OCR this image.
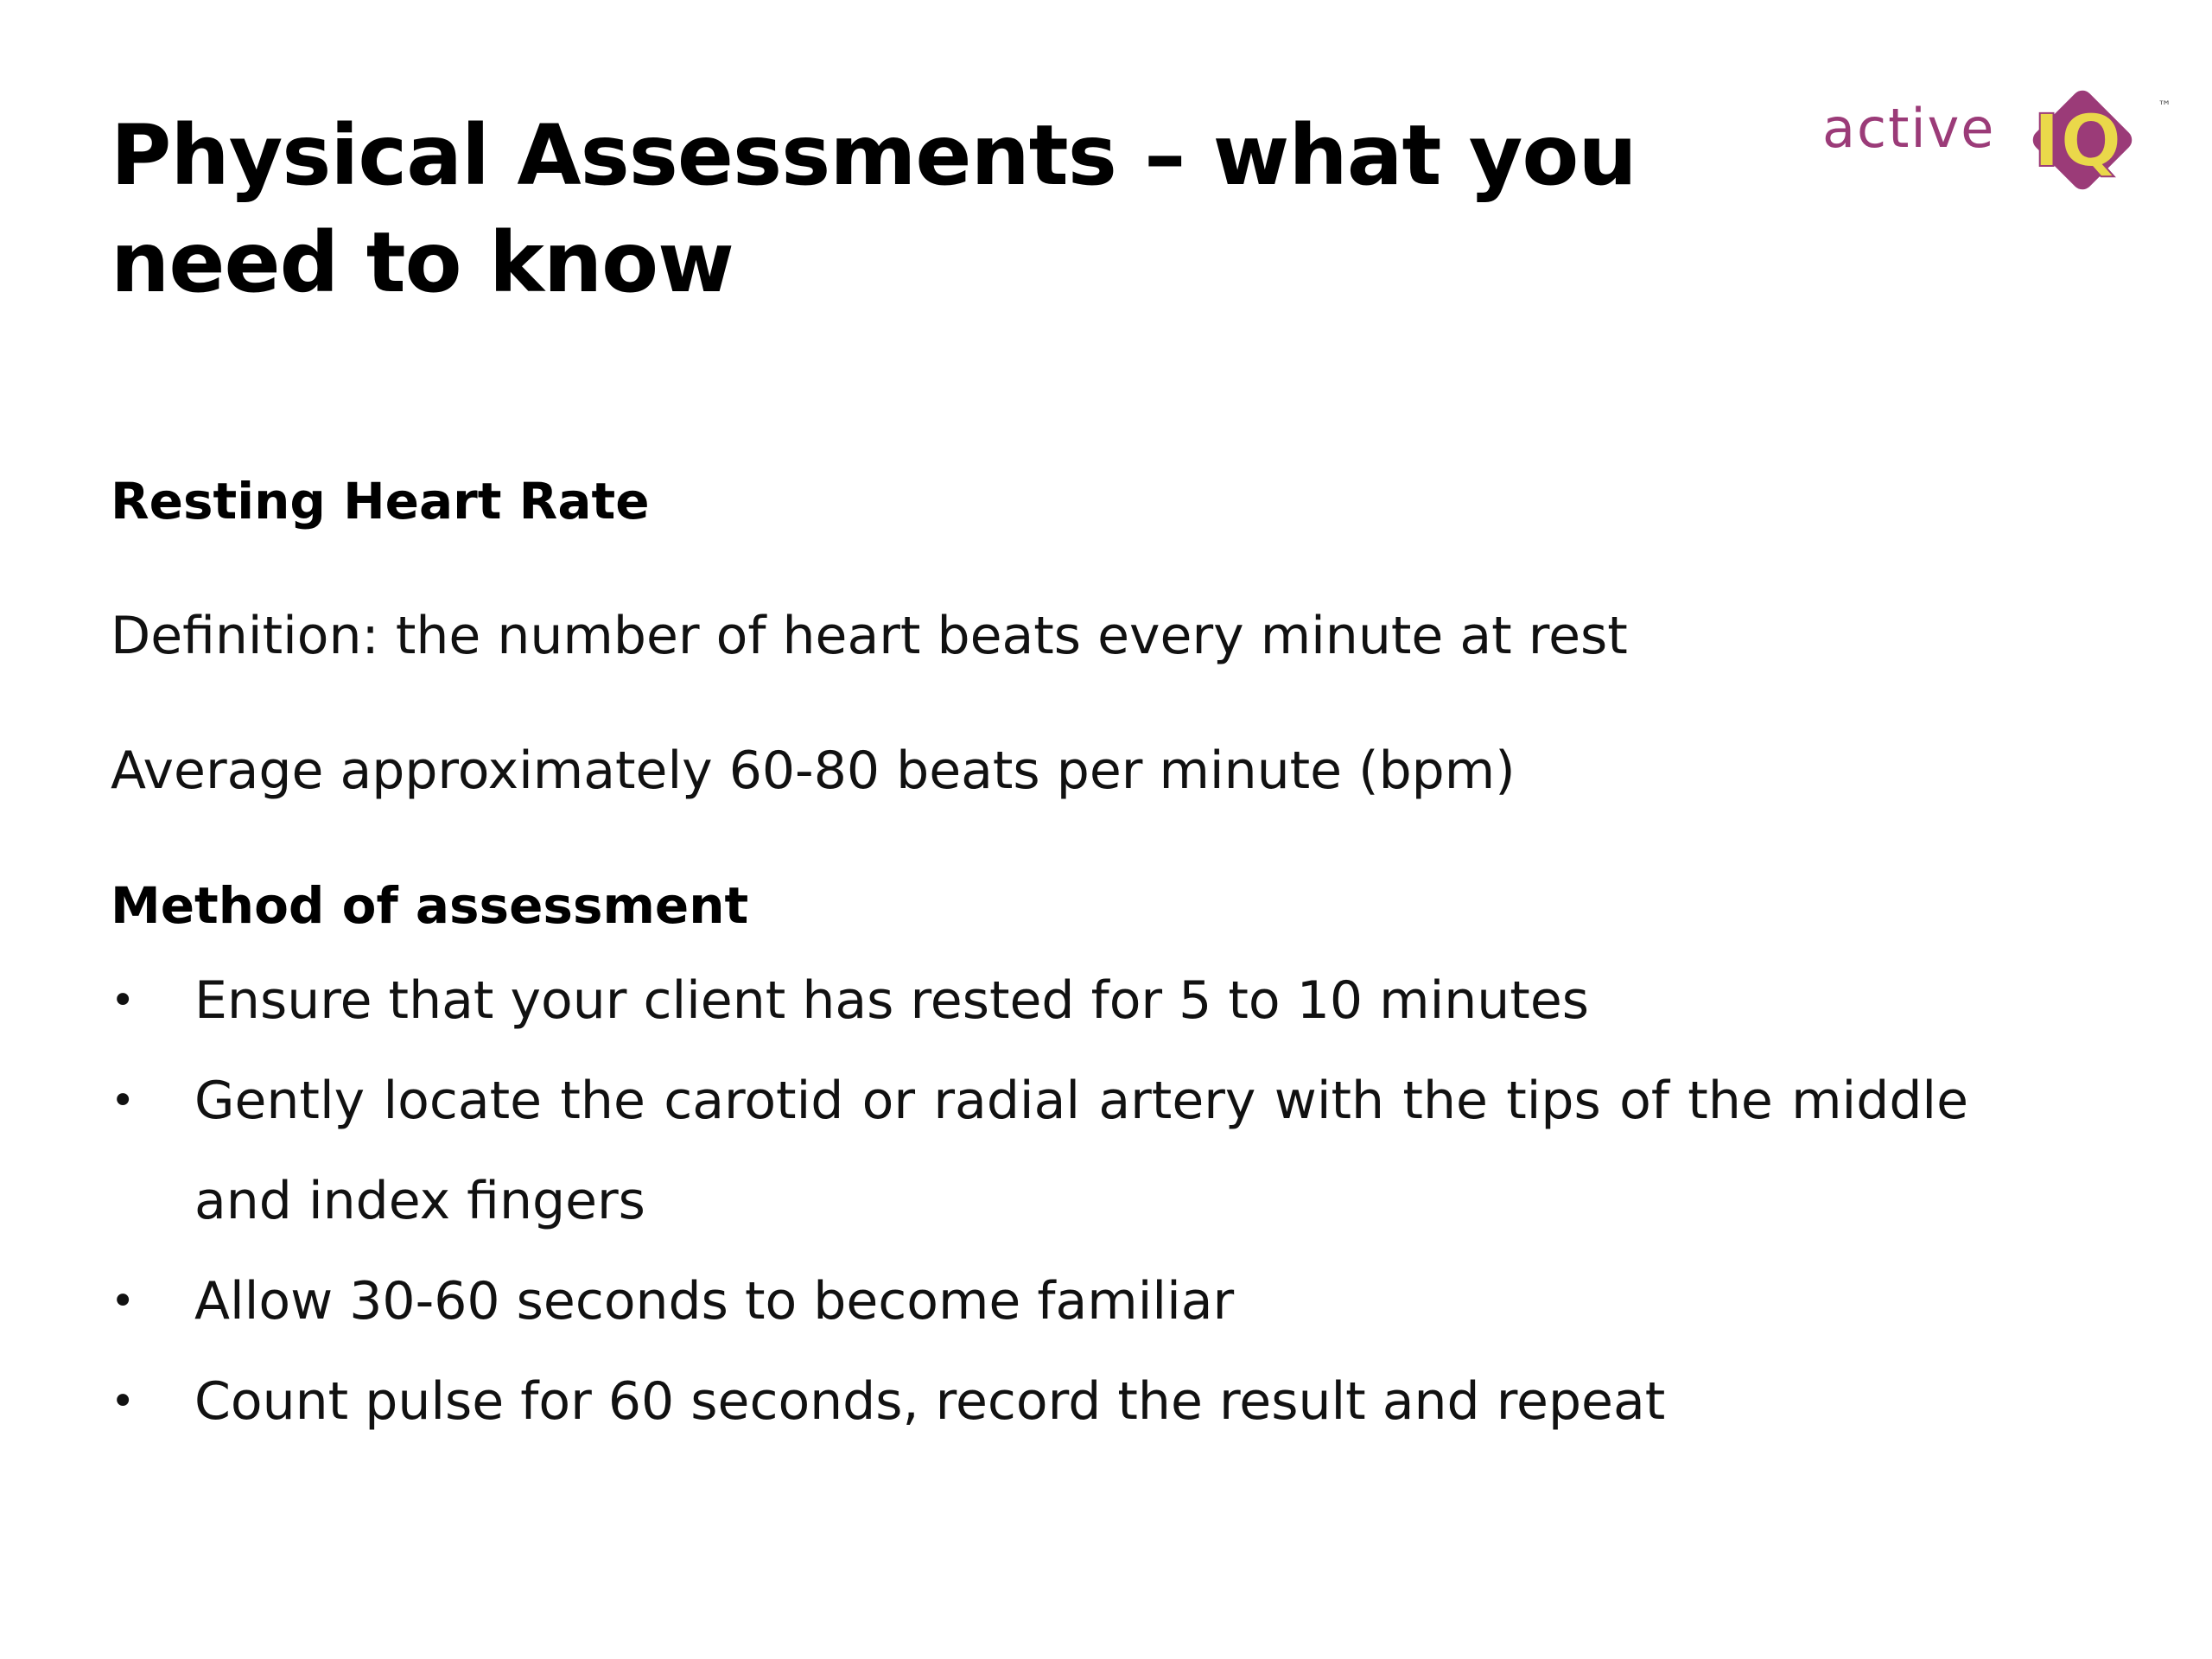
Physical Assessments – what you need to know
IQ
active	™

Resting Heart Rate

Definition: the number of heart beats every minute at rest

Average approximately 60-80 beats per minute (bpm)

Method of assessment

• Ensure that your client has rested for 5 to 10 minutes
• Gently locate the carotid or radial artery with the tips of the middle and index fingers
• Allow 30-60 seconds to become familiar
• Count pulse for 60 seconds, record the result and repeat
